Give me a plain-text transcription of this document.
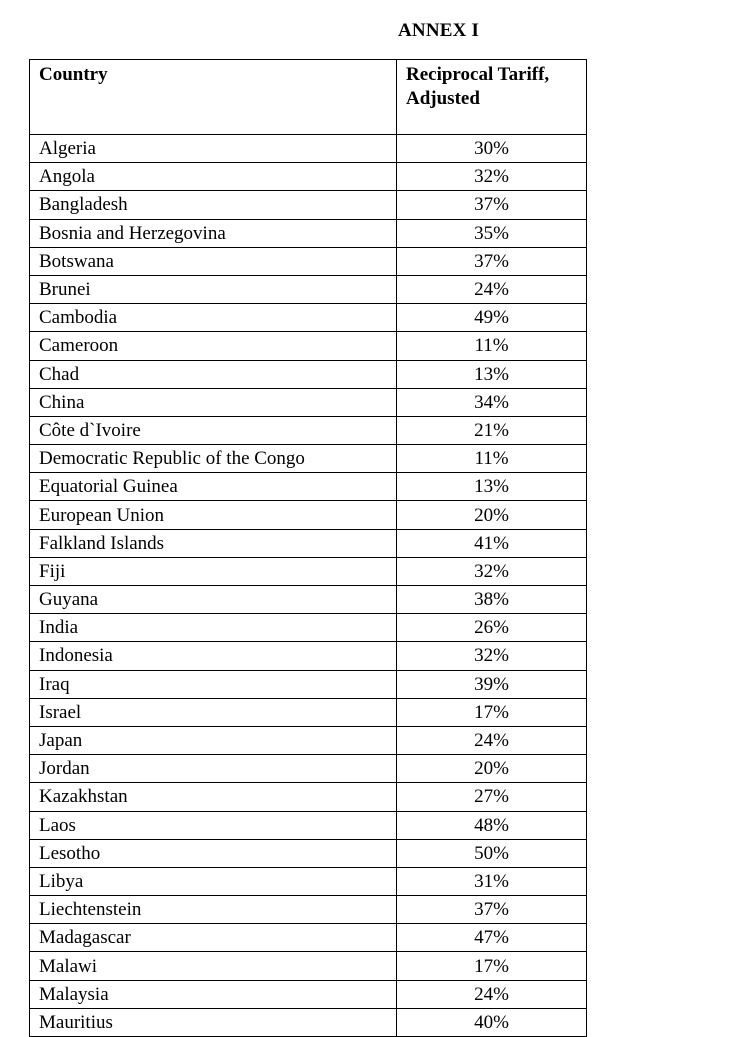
ANNEX I
Country	Reciprocal Tariff,
Adjusted
Algeria	30%
Angola	32%
Bangladesh	37%
Bosnia and Herzegovina	35%
Botswana	37%
Brunei	24%
Cambodia	49%
Cameroon	11%
Chad	13%
China	34%
Côte d`Ivoire	21%
Democratic Republic of the Congo	11%
Equatorial Guinea	13%
European Union	20%
Falkland Islands	41%
Fiji	32%
Guyana	38%
India	26%
Indonesia	32%
Iraq	39%
Israel	17%
Japan	24%
Jordan	20%
Kazakhstan	27%
Laos	48%
Lesotho	50%
Libya	31%
Liechtenstein	37%
Madagascar	47%
Malawi	17%
Malaysia	24%
Mauritius	40%
